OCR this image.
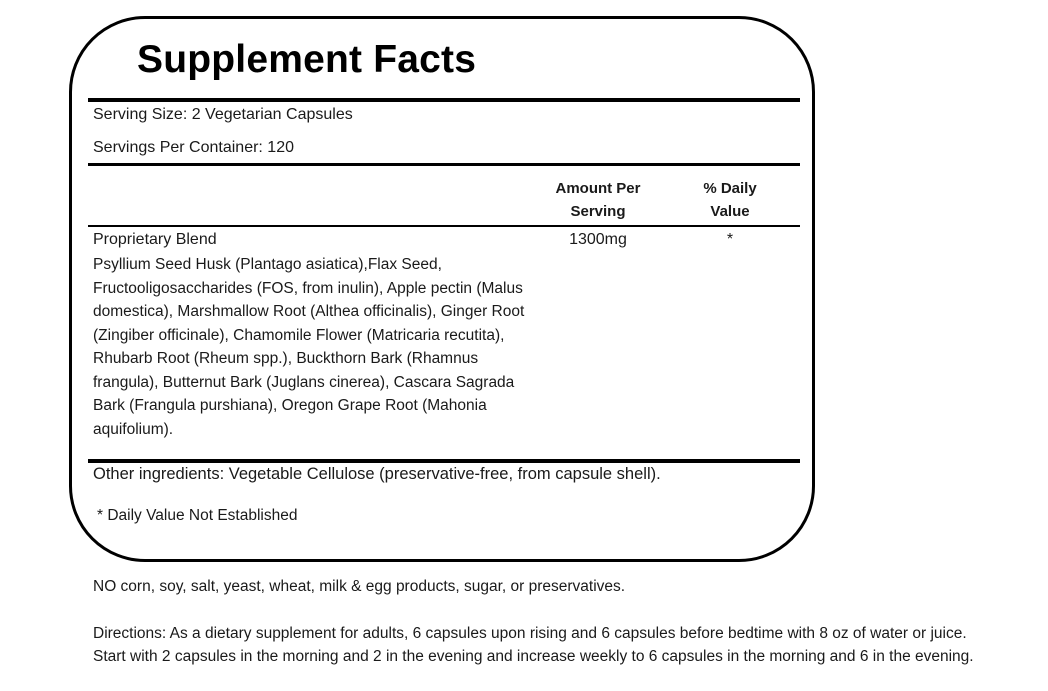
Supplement Facts
Serving Size: 2 Vegetarian Capsules
Servings Per Container: 120
Amount Per
Serving
% Daily
Value
Proprietary Blend	1300mg	*
Psyllium Seed Husk (Plantago asiatica),Flax Seed, Fructooligosaccharides (FOS, from inulin), Apple pectin (Malus domestica), Marshmallow Root (Althea officinalis), Ginger Root (Zingiber officinale), Chamomile Flower (Matricaria recutita), Rhubarb Root (Rheum spp.), Buckthorn Bark (Rhamnus frangula), Butternut Bark (Juglans cinerea), Cascara Sagrada Bark (Frangula purshiana), Oregon Grape Root (Mahonia aquifolium).
Other ingredients: Vegetable Cellulose (preservative-free, from capsule shell).
* Daily Value Not Established
NO corn, soy, salt, yeast, wheat, milk & egg products, sugar, or preservatives.
Directions: As a dietary supplement for adults, 6 capsules upon rising and 6 capsules before bedtime with 8 oz of water or juice.
Start with 2 capsules in the morning and 2 in the evening and increase weekly to 6 capsules in the morning and 6 in the evening.
